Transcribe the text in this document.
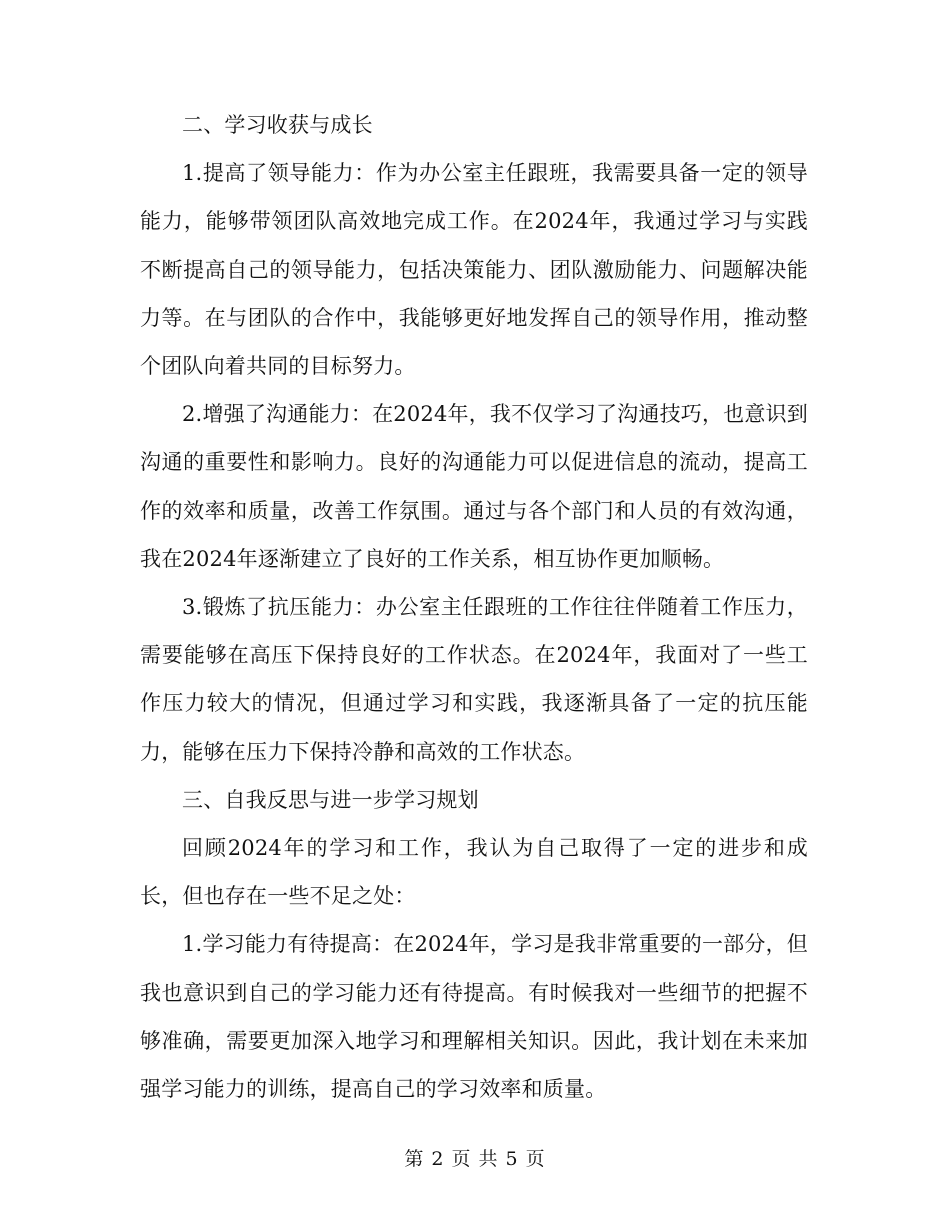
二、学习收获与成长

1.提高了领导能力：作为办公室主任跟班，我需要具备一定的领导能力，能够带领团队高效地完成工作。在2024年，我通过学习与实践不断提高自己的领导能力，包括决策能力、团队激励能力、问题解决能力等。在与团队的合作中，我能够更好地发挥自己的领导作用，推动整个团队向着共同的目标努力。

2.增强了沟通能力：在2024年，我不仅学习了沟通技巧，也意识到沟通的重要性和影响力。良好的沟通能力可以促进信息的流动，提高工作的效率和质量，改善工作氛围。通过与各个部门和人员的有效沟通，我在2024年逐渐建立了良好的工作关系，相互协作更加顺畅。

3.锻炼了抗压能力：办公室主任跟班的工作往往伴随着工作压力，需要能够在高压下保持良好的工作状态。在2024年，我面对了一些工作压力较大的情况，但通过学习和实践，我逐渐具备了一定的抗压能力，能够在压力下保持冷静和高效的工作状态。

三、自我反思与进一步学习规划

回顾2024年的学习和工作，我认为自己取得了一定的进步和成长，但也存在一些不足之处：

1.学习能力有待提高：在2024年，学习是我非常重要的一部分，但我也意识到自己的学习能力还有待提高。有时候我对一些细节的把握不够准确，需要更加深入地学习和理解相关知识。因此，我计划在未来加强学习能力的训练，提高自己的学习效率和质量。

第 2 页 共 5 页
